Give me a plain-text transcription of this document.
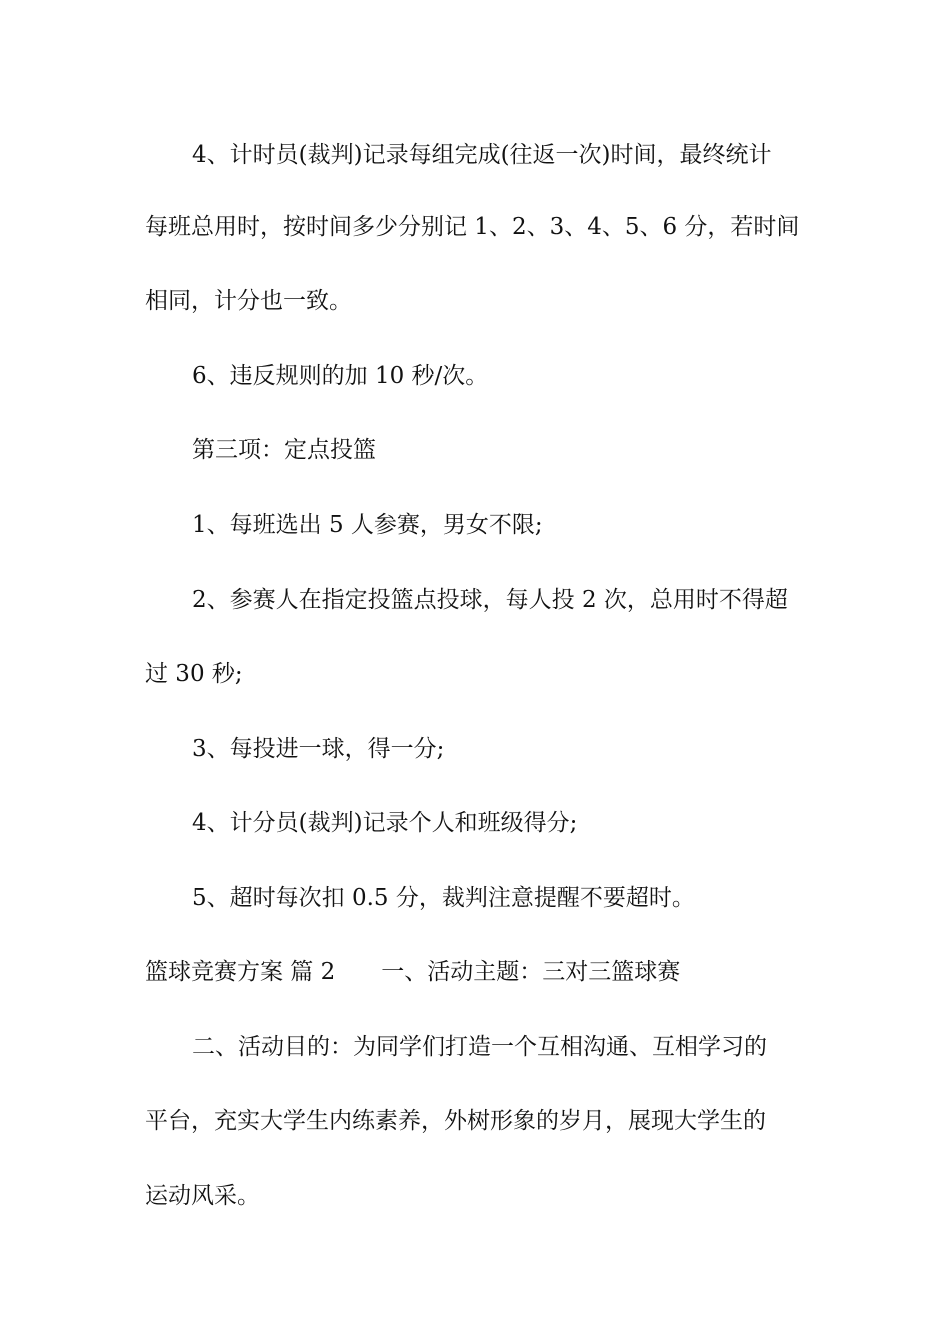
4、计时员(裁判)记录每组完成(往返一次)时间，最终统计
每班总用时，按时间多少分别记 1、2、3、4、5、6 分，若时间
相同，计分也一致。
6、违反规则的加 10 秒/次。
第三项：定点投篮
1、每班选出 5 人参赛，男女不限;
2、参赛人在指定投篮点投球，每人投 2 次，总用时不得超
过 30 秒;
3、每投进一球，得一分;
4、计分员(裁判)记录个人和班级得分;
5、超时每次扣 0.5 分，裁判注意提醒不要超时。
篮球竞赛方案 篇 2 一、活动主题：三对三篮球赛
二、活动目的：为同学们打造一个互相沟通、互相学习的
平台，充实大学生内练素养，外树形象的岁月，展现大学生的
运动风采。
